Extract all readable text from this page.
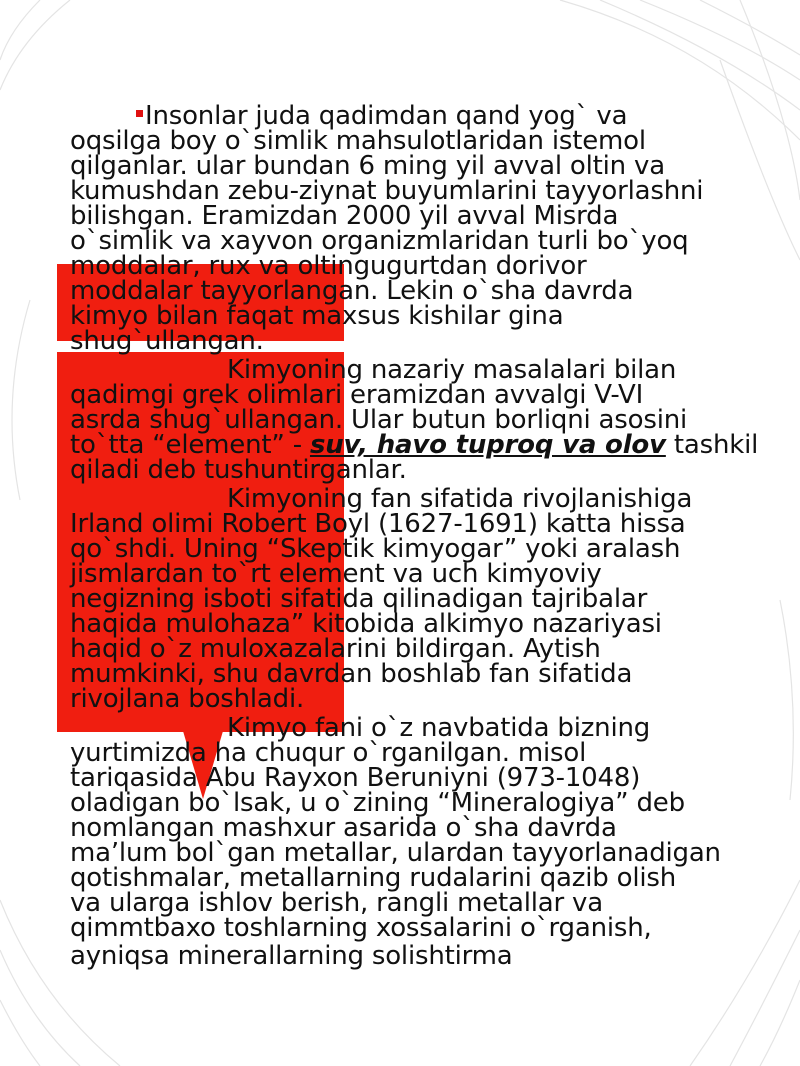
Insonlar juda qadimdan qand yog` va
oqsilga boy o`simlik mahsulotlaridan istemol
qilganlar. ular bundan 6 ming yil avval oltin va
kumushdan zebu-ziynat buyumlarini tayyorlashni
bilishgan. Eramizdan 2000 yil avval Misrda
o`simlik va xayvon organizmlaridan turli bo`yoq
moddalar, rux va oltingugurtdan dorivor
moddalar tayyorlangan. Lekin o`sha davrda
kimyo bilan faqat maxsus kishilar gina
shug`ullangan.
Kimyoning nazariy masalalari bilan
qadimgi grek olimlari eramizdan avvalgi V-VI
asrda shug`ullangan. Ular butun borliqni asosini
to`tta “element” - suv, havo tuproq va olov tashkil
qiladi deb tushuntirganlar.
Kimyoning fan sifatida rivojlanishiga
Irland olimi Robert Boyl (1627-1691) katta hissa
qo`shdi. Uning “Skeptik kimyogar” yoki aralash
jismlardan to`rt element va uch kimyoviy
negizning isboti sifatida qilinadigan tajribalar
haqida mulohaza” kitobida alkimyo nazariyasi
haqid o`z muloxazalarini bildirgan. Aytish
mumkinki, shu davrdan boshlab fan sifatida
rivojlana boshladi.
Kimyo fani o`z navbatida bizning
yurtimizda ha chuqur o`rganilgan. misol
tariqasida Abu Rayxon Beruniyni (973-1048)
oladigan bo`lsak, u o`zining “Mineralogiya” deb
nomlangan mashxur asarida o`sha davrda
ma’lum bol`gan metallar, ulardan tayyorlanadigan
qotishmalar, metallarning rudalarini qazib olish
va ularga ishlov berish, rangli metallar va
qimmtbaxo toshlarning xossalarini o`rganish,
ayniqsa minerallarning solishtirma
